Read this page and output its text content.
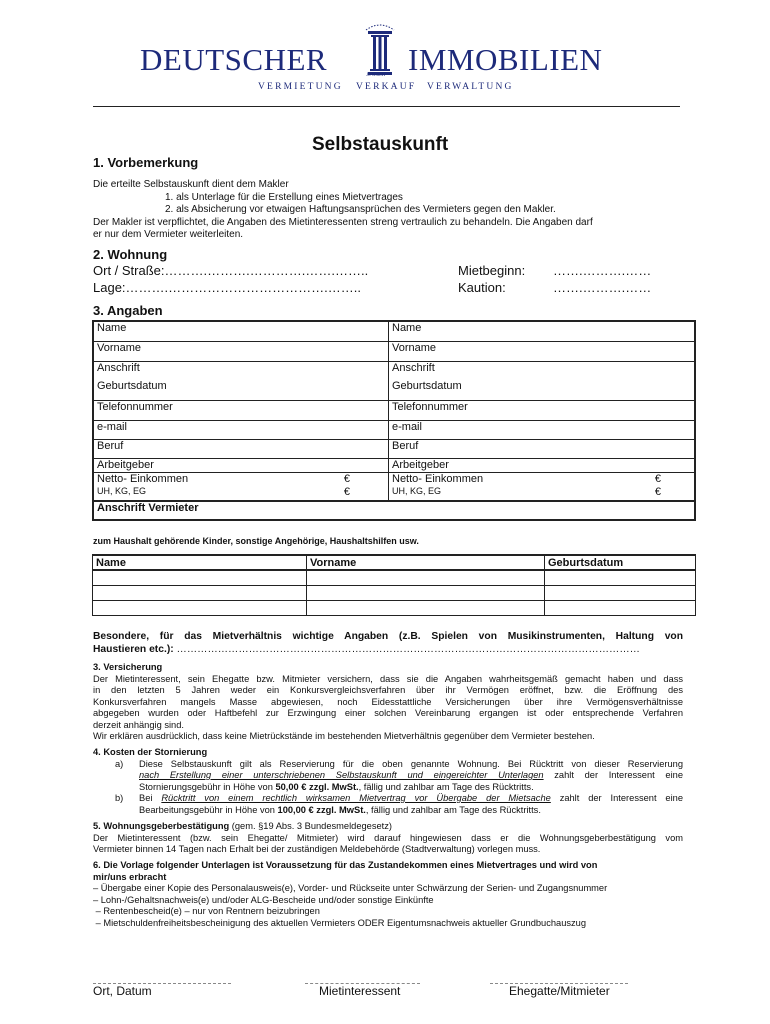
DEUTSCHER	Jo GmbH IMMOBILIEN
VERMIETUNG VERKAUF VERWALTUNG
Selbstauskunft
1. Vorbemerkung
Die erteilte Selbstauskunft dient dem Makler
1. als Unterlage für die Erstellung eines Mietvertrages
2. als Absicherung vor etwaigen Haftungsansprüchen des Vermieters gegen den Makler.
Der Makler ist verpflichtet, die Angaben des Mietinteressenten streng vertraulich zu behandeln. Die Angaben darf
er nur dem Vermieter weiterleiten.
2. Wohnung
Ort / Straße:……….……….………….…….……..
Lage:……….……………………………….……..
Mietbeginn: …….……….……
Kaution:	…….……….……
3. Angaben
Name	Name
Vorname	Vorname
Anschrift	Anschrift
Geburtsdatum	Geburtsdatum
Telefonnummer	Telefonnummer
e-mail	e-mail
Beruf	Beruf
Arbeitgeber	Arbeitgeber
Netto- Einkommen €	Netto- Einkommen €

UH, KG, EG €	UH, KG, EG €

Anschrift Vermieter	
zum Haushalt gehörende Kinder, sonstige Angehörige, Haushaltshilfen usw.
Name	Vorname	Geburtsdatum

Besondere, für das Mietverhältnis wichtige Angaben (z.B. Spielen von Musikinstrumenten, Haltung von
Haustieren etc.): ………………………………………………………………………………………………………………………
3. Versicherung
Der Mietinteressent, sein Ehegatte bzw. Mitmieter versichern, dass sie die Angaben wahrheitsgemäß gemacht haben und dass
in den letzten 5 Jahren weder ein Konkursvergleichsverfahren über ihr Vermögen eröffnet, bzw. die Eröffnung des
Konkursverfahren mangels Masse abgewiesen, noch Eidesstattliche Versicherungen über ihre Vermögensverhältnisse
abgegeben wurden oder Haftbefehl zur Erzwingung einer solchen Vereinbarung ergangen ist oder entsprechende Verfahren
derzeit anhängig sind.
Wir erklären ausdrücklich, dass keine Mietrückstände im bestehenden Mietverhältnis gegenüber dem Vermieter bestehen.
4. Kosten der Stornierung
a) Diese Selbstauskunft gilt als Reservierung für die oben genannte Wohnung. Bei Rücktritt von dieser Reservierung
nach Erstellung einer unterschriebenen Selbstauskunft und eingereichter Unterlagen zahlt der Interessent eine
Stornierungsgebühr in Höhe von 50,00 € zzgl. MwSt., fällig und zahlbar am Tage des Rücktritts.
b) Bei Rücktritt von einem rechtlich wirksamen Mietvertrag vor Übergabe der Mietsache zahlt der Interessent eine
Bearbeitungsgebühr in Höhe von 100,00 € zzgl. MwSt., fällig und zahlbar am Tage des Rücktritts.
5. Wohnungsgeberbestätigung (gem. §19 Abs. 3 Bundesmeldegesetz)
Der Mietinteressent (bzw. sein Ehegatte/ Mitmieter) wird darauf hingewiesen dass er die Wohnungsgeberbestätigung vom
Vermieter binnen 14 Tagen nach Erhalt bei der zuständigen Meldebehörde (Stadtverwaltung) vorlegen muss.
6. Die Vorlage folgender Unterlagen ist Voraussetzung für das Zustandekommen eines Mietvertrages und wird von
mir/uns erbracht
– Übergabe einer Kopie des Personalausweis(e), Vorder- und Rückseite unter Schwärzung der Serien- und Zugangsnummer
– Lohn-/Gehaltsnachweis(e) und/oder ALG-Bescheide und/oder sonstige Einkünfte
– Rentenbescheid(e) – nur von Rentnern beizubringen
– Mietschuldenfreiheitsbescheinigung des aktuellen Vermieters ODER Eigentumsnachweis aktueller Grundbuchauszug
Ort, Datum	Mietinteressent	Ehegatte/Mitmieter
